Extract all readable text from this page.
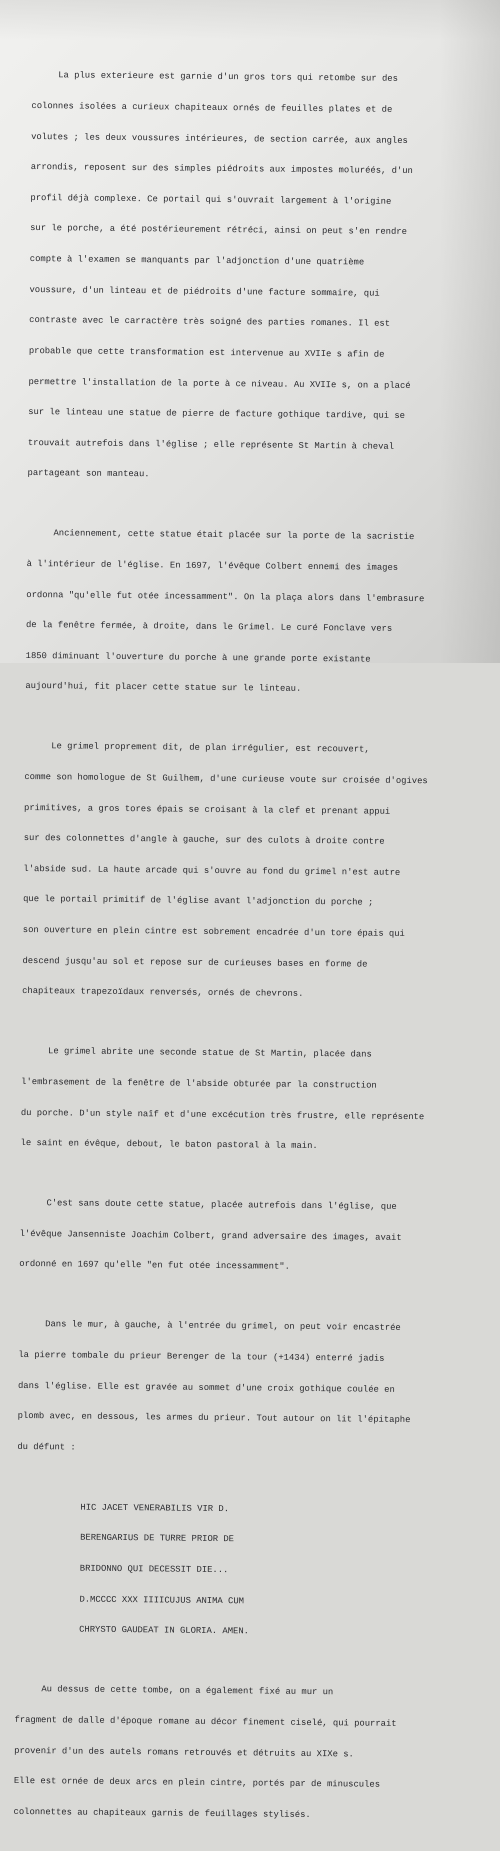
La plus exterieure est garnie d'un gros tors qui retombe sur des

colonnes isolées a curieux chapiteaux ornés de feuilles plates et de

volutes ; les deux voussures intérieures, de section carrée, aux angles

arrondis, reposent sur des simples piédroits aux impostes moluréés, d'un

profil déjà complexe. Ce portail qui s'ouvrait largement à l'origine

sur le porche, a été postérieurement rétréci, ainsi on peut s'en rendre

compte à l'examen se manquants par l'adjonction d'une quatrième

voussure, d'un linteau et de piédroits d'une facture sommaire, qui

contraste avec le carractère très soigné des parties romanes. Il est

probable que cette transformation est intervenue au XVIIe s afin de

permettre l'installation de la porte à ce niveau. Au XVIIe s, on a placé

sur le linteau une statue de pierre de facture gothique tardive, qui se

trouvait autrefois dans l'église ; elle représente St Martin à cheval

partageant son manteau.

Anciennement, cette statue était placée sur la porte de la sacristie

à l'intérieur de l'église. En 1697, l'évêque Colbert ennemi des images

ordonna "qu'elle fut otée incessamment". On la plaça alors dans l'embrasure

de la fenêtre fermée, à droite, dans le Grimel. Le curé Fonclave vers

1850 diminuant l'ouverture du porche à une grande porte existante

aujourd'hui, fit placer cette statue sur le linteau.

Le grimel proprement dit, de plan irrégulier, est recouvert,

comme son homologue de St Guilhem, d'une curieuse voute sur croisée d'ogives

primitives, a gros tores épais se croisant à la clef et prenant appui

sur des colonnettes d'angle à gauche, sur des culots à droite contre

l'abside sud. La haute arcade qui s'ouvre au fond du grimel n'est autre

que le portail primitif de l'église avant l'adjonction du porche ;

son ouverture en plein cintre est sobrement encadrée d'un tore épais qui

descend jusqu'au sol et repose sur de curieuses bases en forme de

chapiteaux trapezoïdaux renversés, ornés de chevrons.

Le grimel abrite une seconde statue de St Martin, placée dans

l'embrasement de la fenêtre de l'abside obturée par la construction

du porche. D'un style naîf et d'une excécution très frustre, elle représente

le saint en évêque, debout, le baton pastoral à la main.

C'est sans doute cette statue, placée autrefois dans l'église, que

l'évêque Jansenniste Joachim Colbert, grand adversaire des images, avait

ordonné en 1697 qu'elle "en fut otée incessamment".

Dans le mur, à gauche, à l'entrée du grimel, on peut voir encastrée

la pierre tombale du prieur Berenger de la tour (+1434) enterré jadis

dans l'église. Elle est gravée au sommet d'une croix gothique coulée en

plomb avec, en dessous, les armes du prieur. Tout autour on lit l'épitaphe

du défunt :

HIC JACET VENERABILIS VIR D.

BERENGARIUS DE TURRE PRIOR DE

BRIDONNO QUI DECESSIT DIE...

D.MCCCC XXX IIIICUJUS ANIMA CUM

CHRYSTO GAUDEAT IN GLORIA. AMEN.

Au dessus de cette tombe, on a également fixé au mur un

fragment de dalle d'époque romane au décor finement ciselé, qui pourrait

provenir d'un des autels romans retrouvés et détruits au XIXe s.

Elle est ornée de deux arcs en plein cintre, portés par de minuscules

colonnettes au chapiteaux garnis de feuillages stylisés.
